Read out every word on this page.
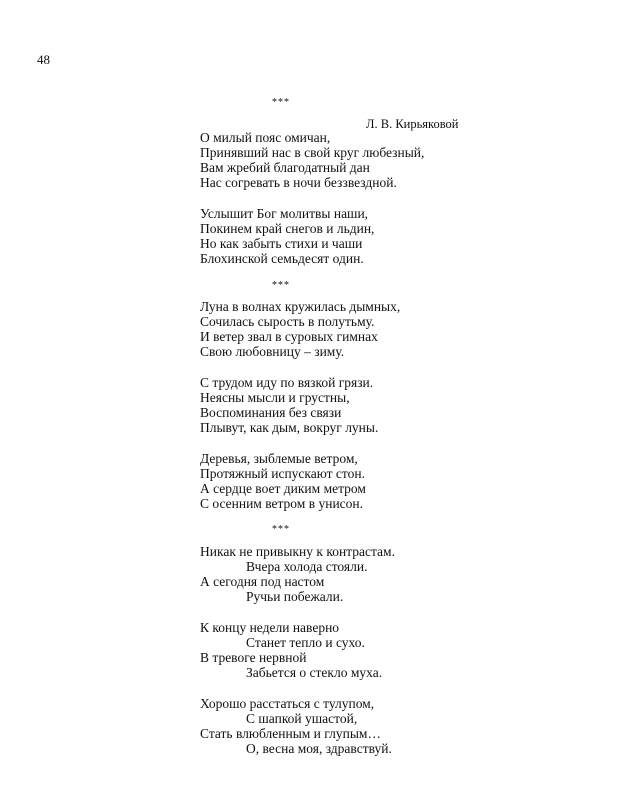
48
***
Л. В. Кирьяковой
О милый пояс омичан,
Принявший нас в свой круг любезный,
Вам жребий благодатный дан
Нас согревать в ночи беззвездной.
Услышит Бог молитвы наши,
Покинем край снегов и льдин,
Но как забыть стихи и чаши
Блохинской семьдесят один.
***
Луна в волнах кружилась дымных,
Сочилась сырость в полутьму.
И ветер звал в суровых гимнах
Свою любовницу – зиму.
С трудом иду по вязкой грязи.
Неясны мысли и грустны,
Воспоминания без связи
Плывут, как дым, вокруг луны.
Деревья, зыблемые ветром,
Протяжный испускают стон.
А сердце воет диким метром
С осенним ветром в унисон.
***
Никак не привыкну к контрастам.
Вчера холода стояли.
А сегодня под настом
Ручьи побежали.
К концу недели наверно
Станет тепло и сухо.
В тревоге нервной
Забьется о стекло муха.
Хорошо расстаться с тулупом,
С шапкой ушастой,
Стать влюбленным и глупым…
О, весна моя, здравствуй.
